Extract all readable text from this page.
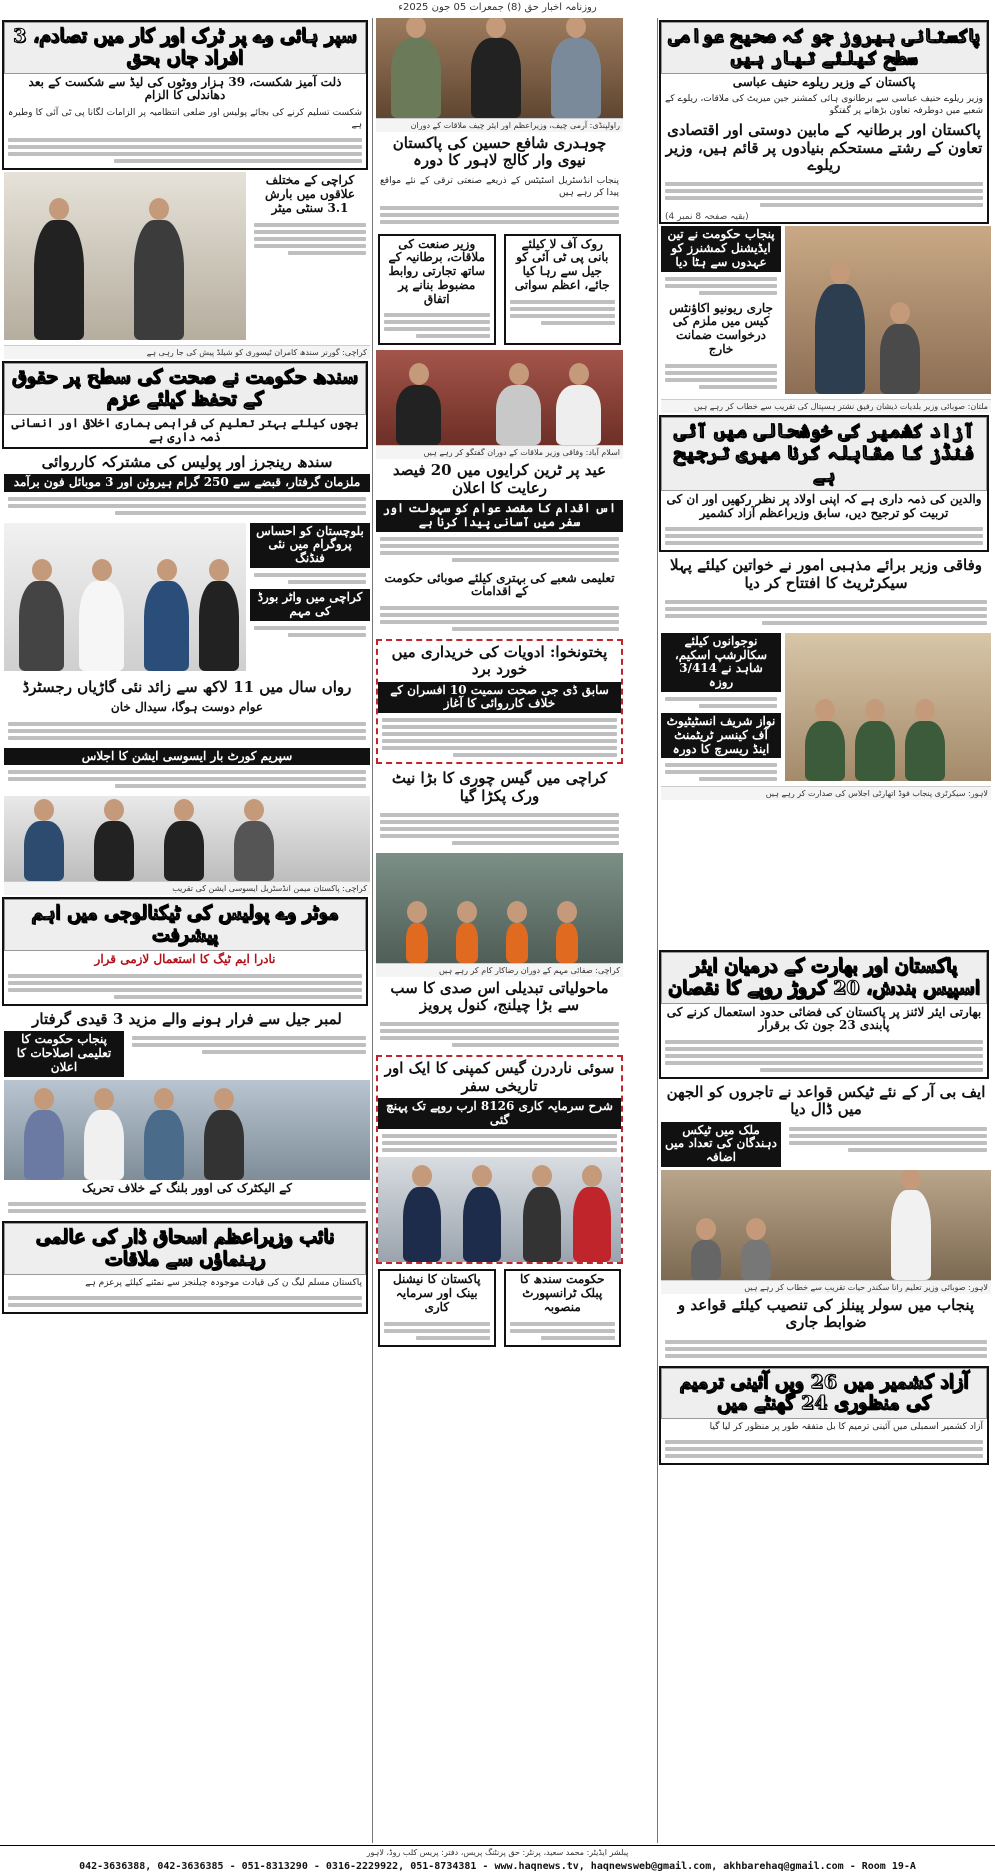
روزنامہ اخبار حق (8) جمعرات 05 جون 2025ء
پاکستانی ہیروز جو کہ صحیح عوامی سطح کیلئے تیار ہیں
پاکستان کے وزیر ریلوے حنیف عباسی
وزیر ریلوے حنیف عباسی سے برطانوی ہائی کمشنر جین میریٹ کی ملاقات، ریلوے کے شعبے میں دوطرفہ تعاون بڑھانے پر گفتگو
پاکستان اور برطانیہ کے مابین دوستی اور اقتصادی تعاون کے رشتے مستحکم بنیادوں پر قائم ہیں، وزیر ریلوے
(بقیہ صفحہ 8 نمبر 4)
پنجاب حکومت نے تین ایڈیشنل کمشنرز کو عہدوں سے ہٹا دیا
جاری ریونیو اکاؤنٹس کیس میں ملزم کی درخواست ضمانت خارج
ملتان: صوبائی وزیر بلدیات ذیشان رفیق نشتر ہسپتال کی تقریب سے خطاب کر رہے ہیں
آزاد کشمیر کی خوشحالی میں آئی فنڈز کا مقابلہ کرنا میری ترجیح ہے
والدین کی ذمہ داری ہے کہ اپنی اولاد پر نظر رکھیں اور ان کی تربیت کو ترجیح دیں، سابق وزیراعظم آزاد کشمیر
وفاقی وزیر برائے مذہبی امور نے خواتین کیلئے پہلا سیکرٹریٹ کا افتتاح کر دیا
نوجوانوں کیلئے سکالرشپ اسکیم، شاہد نے 3/414 روزہ
نواز شریف انسٹیٹیوٹ آف کینسر ٹریٹمنٹ اینڈ ریسرچ کا دورہ
لاہور: سیکرٹری پنجاب فوڈ اتھارٹی اجلاس کی صدارت کر رہے ہیں
پاکستان اور بھارت کے درمیان ایئر اسپیس بندش، 20 کروڑ روپے کا نقصان
بھارتی ایئر لائنز پر پاکستان کی فضائی حدود استعمال کرنے کی پابندی 23 جون تک برقرار
ایف بی آر کے نئے ٹیکس قواعد نے تاجروں کو الجھن میں ڈال دیا
ملک میں ٹیکس دہندگان کی تعداد میں اضافہ
لاہور: صوبائی وزیر تعلیم رانا سکندر حیات تقریب سے خطاب کر رہے ہیں
پنجاب میں سولر پینلز کی تنصیب کیلئے قواعد و ضوابط جاری
آزاد کشمیر میں 26 ویں آئینی ترمیم کی منظوری 24 گھنٹے میں
آزاد کشمیر اسمبلی میں آئینی ترمیم کا بل متفقہ طور پر منظور کر لیا گیا
راولپنڈی: آرمی چیف، وزیراعظم اور ایئر چیف ملاقات کے دوران
چوہدری شافع حسین کی پاکستان نیوی وار کالج لاہور کا دورہ
پنجاب انڈسٹریل اسٹیٹس کے ذریعے صنعتی ترقی کے نئے مواقع پیدا کر رہے ہیں
روک آف لا کیلئے بانی پی ٹی آئی کو جیل سے رہا کیا جائے، اعظم سواتی
وزیر صنعت کی ملاقات، برطانیہ کے ساتھ تجارتی روابط مضبوط بنانے پر اتفاق
اسلام آباد: وفاقی وزیر ملاقات کے دوران گفتگو کر رہے ہیں
عید پر ٹرین کرایوں میں 20 فیصد رعایت کا اعلان
اس اقدام کا مقصد عوام کو سہولت اور سفر میں آسانی پیدا کرنا ہے
تعلیمی شعبے کی بہتری کیلئے صوبائی حکومت کے اقدامات
پختونخوا: ادویات کی خریداری میں خورد برد
سابق ڈی جی صحت سمیت 10 افسران کے خلاف کارروائی کا آغاز
کراچی میں گیس چوری کا بڑا نیٹ ورک پکڑا گیا
کراچی: صفائی مہم کے دوران رضاکار کام کر رہے ہیں
ماحولیاتی تبدیلی اس صدی کا سب سے بڑا چیلنج، کنول پرویز
سوئی ناردرن گیس کمپنی کا ایک اور تاریخی سفر
شرح سرمایہ کاری 8126 ارب روپے تک پہنچ گئی
حکومت سندھ کا پبلک ٹرانسپورٹ منصوبہ
پاکستان کا نیشنل بینک اور سرمایہ کاری
سپر ہائی وے پر ٹرک اور کار میں تصادم، 3 افراد جاں بحق
ذلت آمیز شکست، 39 ہزار ووٹوں کی لیڈ سے شکست کے بعد دھاندلی کا الزام
شکست تسلیم کرنے کی بجائے پولیس اور ضلعی انتظامیہ پر الزامات لگانا پی ٹی آئی کا وطیرہ ہے
کراچی کے مختلف علاقوں میں بارش 3.1 سنٹی میٹر
کراچی: گورنر سندھ کامران ٹیسوری کو شیلڈ پیش کی جا رہی ہے
سندھ حکومت نے صحت کی سطح پر حقوق کے تحفظ کیلئے عزم
بچوں کیلئے بہتر تعلیم کی فراہمی ہماری اخلاقی اور انسانی ذمہ داری ہے
سندھ رینجرز اور پولیس کی مشترکہ کارروائی
ملزمان گرفتار، قبضے سے 250 گرام ہیروئن اور 3 موبائل فون برآمد
بلوچستان کو احساس پروگرام میں نئی فنڈنگ
کراچی میں واٹر بورڈ کی مہم
رواں سال میں 11 لاکھ سے زائد نئی گاڑیاں رجسٹرڈ
عوام دوست ہوگا، سیدال خان
سپریم کورٹ بار ایسوسی ایشن کا اجلاس
کراچی: پاکستان میمن انڈسٹریل ایسوسی ایشن کی تقریب
موٹر وے پولیس کی ٹیکنالوجی میں اہم پیشرفت
نادرا ایم ٹیگ کا استعمال لازمی قرار
لمبر جیل سے فرار ہونے والے مزید 3 قیدی گرفتار
پنجاب حکومت کا تعلیمی اصلاحات کا اعلان
کے الیکٹرک کی اوور بلنگ کے خلاف تحریک
نائب وزیراعظم اسحاق ڈار کی عالمی رہنماؤں سے ملاقات
پاکستان مسلم لیگ ن کی قیادت موجودہ چیلنجز سے نمٹنے کیلئے پرعزم ہے
پبلشر ایڈیٹر: محمد سعید، پرنٹر: حق پرنٹنگ پریس، دفتر: پریس کلب روڈ، لاہور
042-3636388, 042-3636385 - 051-8313290 - 0316-2229922, 051-8734381 - www.haqnews.tv, haqnewsweb@gmail.com, akhbarehaq@gmail.com - Room 19-A
